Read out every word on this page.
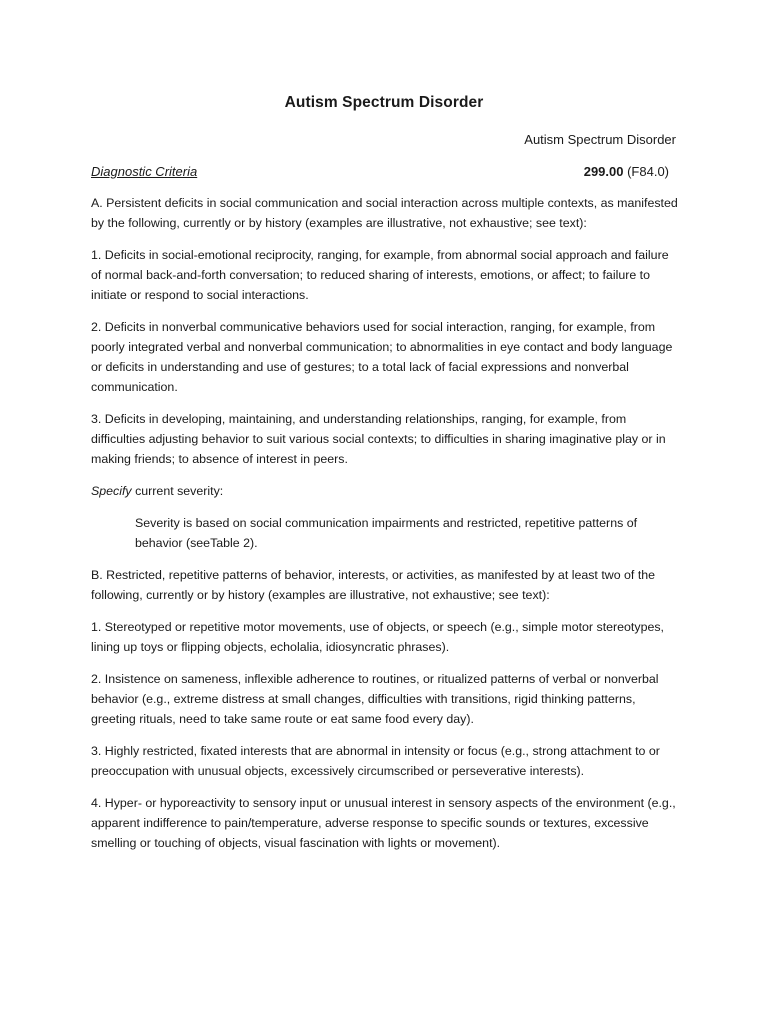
Autism Spectrum Disorder
Autism Spectrum Disorder
Diagnostic Criteria	299.00 (F84.0)

A. Persistent deficits in social communication and social interaction across multiple contexts, as manifested by the following, currently or by history (examples are illustrative, not exhaustive; see text):

1. Deficits in social-emotional reciprocity, ranging, for example, from abnormal social approach and failure of normal back-and-forth conversation; to reduced sharing of interests, emotions, or affect; to failure to initiate or respond to social interactions.

2. Deficits in nonverbal communicative behaviors used for social interaction, ranging, for example, from poorly integrated verbal and nonverbal communication; to abnormalities in eye contact and body language or deficits in understanding and use of gestures; to a total lack of facial expressions and nonverbal communication.

3. Deficits in developing, maintaining, and understanding relationships, ranging, for example, from difficulties adjusting behavior to suit various social contexts; to difficulties in sharing imaginative play or in making friends; to absence of interest in peers.

Specify current severity:

Severity is based on social communication impairments and restricted, repetitive patterns of behavior (seeTable 2).

B. Restricted, repetitive patterns of behavior, interests, or activities, as manifested by at least two of the following, currently or by history (examples are illustrative, not exhaustive; see text):

1. Stereotyped or repetitive motor movements, use of objects, or speech (e.g., simple motor stereotypes, lining up toys or flipping objects, echolalia, idiosyncratic phrases).

2. Insistence on sameness, inflexible adherence to routines, or ritualized patterns of verbal or nonverbal behavior (e.g., extreme distress at small changes, difficulties with transitions, rigid thinking patterns, greeting rituals, need to take same route or eat same food every day).

3. Highly restricted, fixated interests that are abnormal in intensity or focus (e.g., strong attachment to or preoccupation with unusual objects, excessively circumscribed or perseverative interests).

4. Hyper- or hyporeactivity to sensory input or unusual interest in sensory aspects of the environment (e.g., apparent indifference to pain/temperature, adverse response to specific sounds or textures, excessive smelling or touching of objects, visual fascination with lights or movement).
